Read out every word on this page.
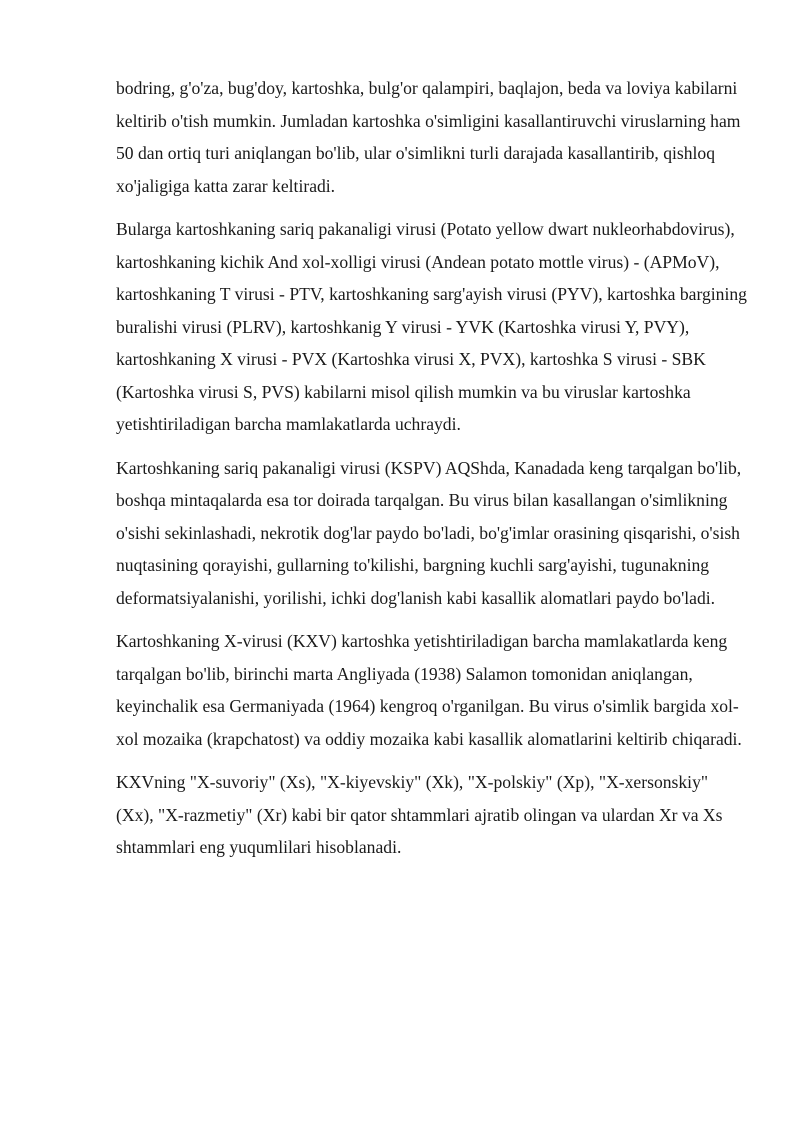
bodring, g'o'za, bug'doy, kartoshka, bulg'or qalampiri, baqlajon, beda va loviya kabilarni keltirib o'tish mumkin. Jumladan kartoshka o'simligini kasallantiruvchi viruslarning ham 50 dan ortiq turi aniqlangan bo'lib, ular o'simlikni turli darajada kasallantirib, qishloq xo'jaligiga katta zarar keltiradi.

Bularga kartoshkaning sariq pakanaligi virusi (Potato yellow dwart nukleorhabdovirus), kartoshkaning kichik And xol-xolligi virusi (Andean potato mottle virus) - (APMoV), kartoshkaning T virusi - PTV, kartoshkaning sarg'ayish virusi (PYV), kartoshka bargining buralishi virusi (PLRV), kartoshkanig Y virusi - YVK (Kartoshka virusi Y, PVY), kartoshkaning X virusi - PVX (Kartoshka virusi X, PVX), kartoshka S virusi - SBK (Kartoshka virusi S, PVS) kabilarni misol qilish mumkin va bu viruslar kartoshka yetishtiriladigan barcha mamlakatlarda uchraydi.

Kartoshkaning sariq pakanaligi virusi (KSPV) AQShda, Kanadada keng tarqalgan bo'lib, boshqa mintaqalarda esa tor doirada tarqalgan. Bu virus bilan kasallangan o'simlikning o'sishi sekinlashadi, nekrotik dog'lar paydo bo'ladi, bo'g'imlar orasining qisqarishi, o'sish nuqtasining qorayishi, gullarning to'kilishi, bargning kuchli sarg'ayishi, tugunakning deformatsiyalanishi, yorilishi, ichki dog'lanish kabi kasallik alomatlari paydo bo'ladi.

Kartoshkaning X-virusi (KXV) kartoshka yetishtiriladigan barcha mamlakatlarda keng tarqalgan bo'lib, birinchi marta Angliyada (1938) Salamon tomonidan aniqlangan, keyinchalik esa Germaniyada (1964) kengroq o'rganilgan. Bu virus o'simlik bargida xol-xol mozaika (krapchatost) va oddiy mozaika kabi kasallik alomatlarini keltirib chiqaradi.

KXVning "X-suvoriy" (Xs), "X-kiyevskiy" (Xk), "X-polskiy" (Xp), "X-xersonskiy" (Xx), "X-razmetiy" (Xr) kabi bir qator shtammlari ajratib olingan va ulardan Xr va Xs shtammlari eng yuqumlilari hisoblanadi.
